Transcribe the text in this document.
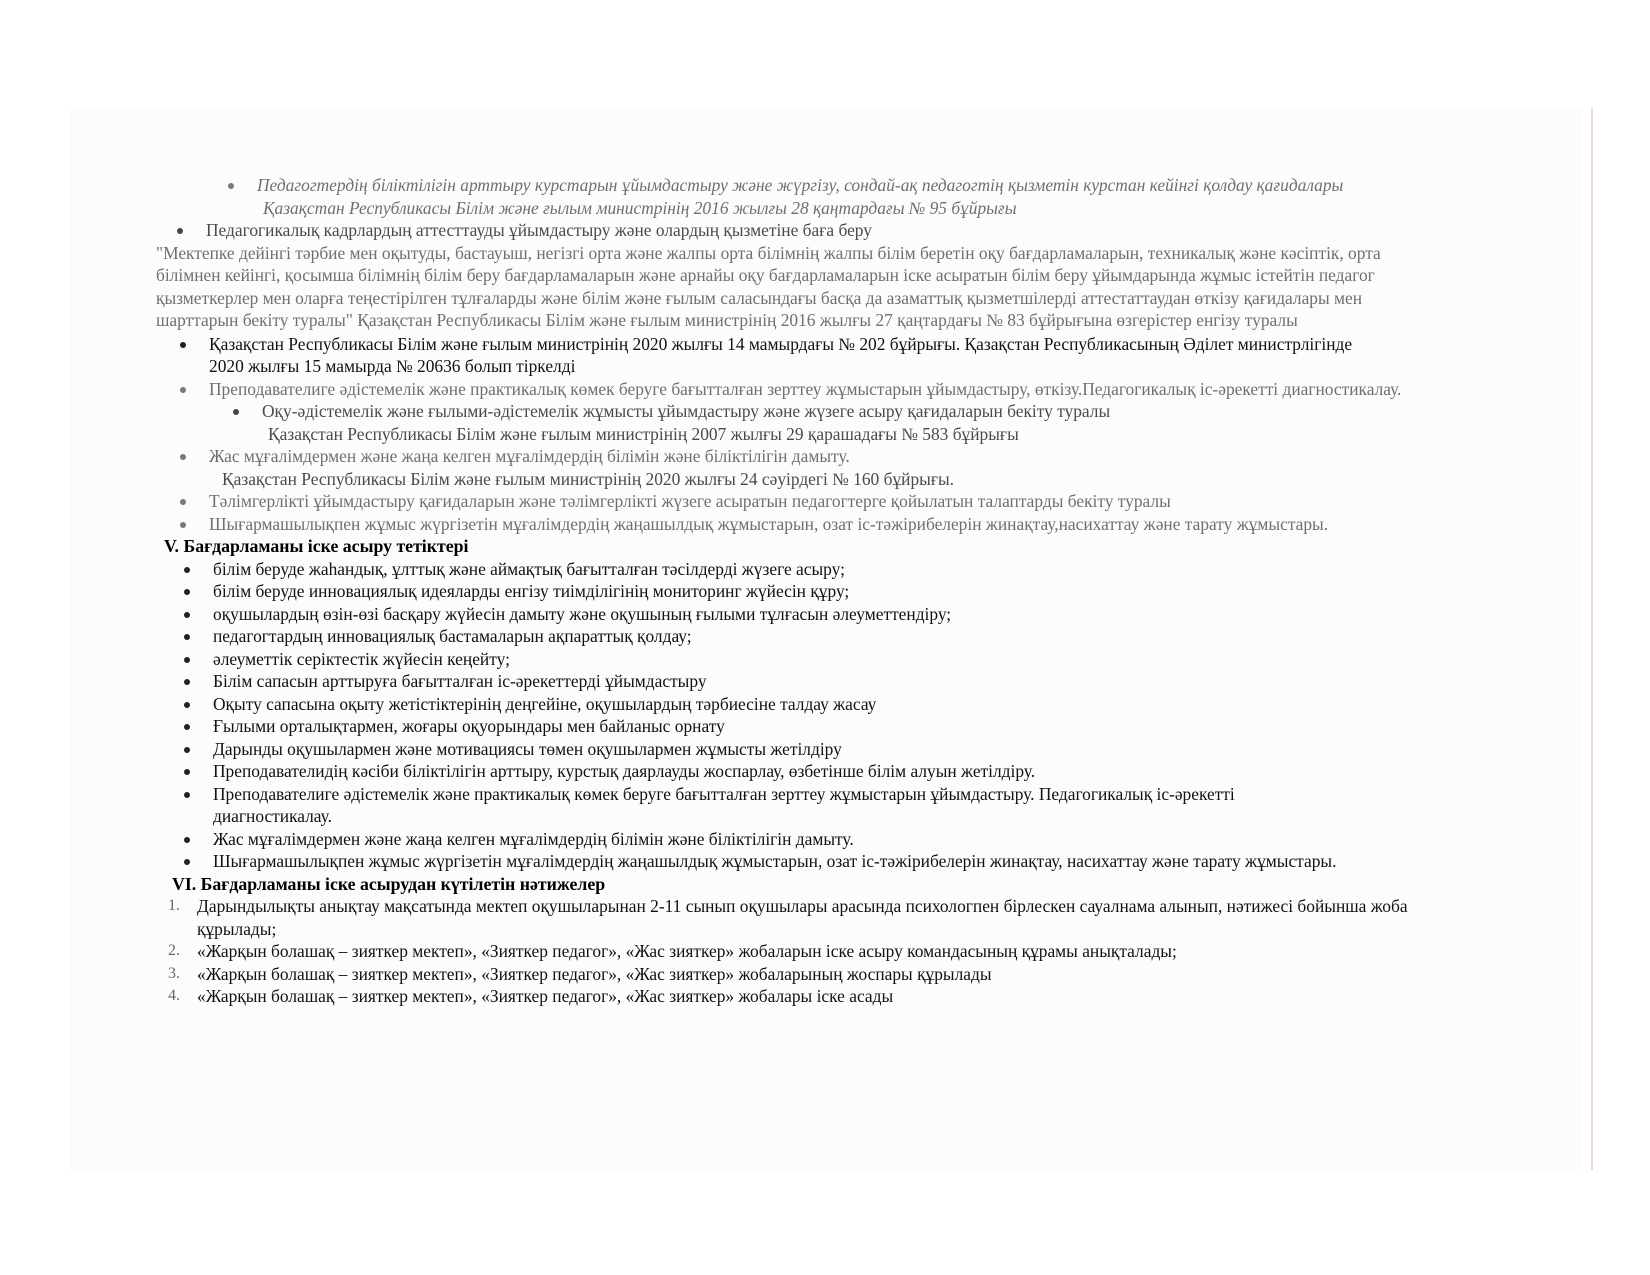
Педагогтердің біліктілігін арттыру курстарын ұйымдастыру және жүргізу, сондай-ақ педагогтің қызметін курстан кейінгі қолдау қағидалары
Қазақстан Республикасы Білім және ғылым министрінің 2016 жылғы 28 қаңтардағы № 95 бұйрығы
Педагогикалық кадрлардың аттесттауды ұйымдастыру және олардың қызметіне баға беру
"Мектепке дейінгі тәрбие мен оқытуды, бастауыш, негізгі орта және жалпы орта білімнің жалпы білім беретін оқу бағдарламаларын, техникалық және кәсіптік, орта білімнен кейінгі, қосымша білімнің білім беру бағдарламаларын және арнайы оқу бағдарламаларын іске асыратын білім беру ұйымдарында жұмыс істейтін педагог қызметкерлер мен оларға теңестірілген тұлғаларды және білім және ғылым саласындағы басқа да азаматтық қызметшілерді аттестаттаудан өткізу қағидалары мен шарттарын бекіту туралы" Қазақстан Республикасы Білім және ғылым министрінің 2016 жылғы 27 қаңтардағы № 83 бұйрығына өзгерістер енгізу туралы
Қазақстан Республикасы Білім және ғылым министрінің 2020 жылғы 14 мамырдағы № 202 бұйрығы. Қазақстан Республикасының Әділет министрлігінде 2020 жылғы 15 мамырда № 20636 болып тіркелді
Преподавателиге әдістемелік және практикалық көмек беруге бағытталған зерттеу жұмыстарын ұйымдастыру, өткізу.Педагогикалық іс-әрекетті диагностикалау.
Оқу-әдістемелік және ғылыми-әдістемелік жұмысты ұйымдастыру және жүзеге асыру қағидаларын бекіту туралы
Қазақстан Республикасы Білім және ғылым министрінің 2007 жылғы 29 қарашадағы № 583 бұйрығы
Жас мұғалімдермен және жаңа келген мұғалімдердің білімін және біліктілігін дамыту.
Қазақстан Республикасы Білім және ғылым министрінің 2020 жылғы 24 сәуірдегі № 160 бұйрығы.
Тәлімгерлікті ұйымдастыру қағидаларын және тәлімгерлікті жүзеге асыратын педагогтерге қойылатын талаптарды бекіту туралы
Шығармашылықпен жұмыс жүргізетін мұғалімдердің жаңашылдық жұмыстарын, озат іс-тәжірибелерін жинақтау,насихаттау және тарату жұмыстары.
V. Бағдарламаны іске асыру тетіктері
білім беруде жаһандық, ұлттық және аймақтық бағытталған тәсілдерді жүзеге асыру;
білім беруде инновациялық идеяларды енгізу тиімділігінің мониторинг жүйесін құру;
оқушылардың өзін-өзі басқару жүйесін дамыту және оқушының ғылыми тұлғасын әлеуметтендіру;
педагогтардың инновациялық бастамаларын ақпараттық қолдау;
әлеуметтік серіктестік жүйесін кеңейту;
Білім сапасын арттыруға бағытталған іс-әрекеттерді ұйымдастыру
Оқыту сапасына оқыту жетістіктерінің деңгейіне, оқушылардың тәрбиесіне талдау жасау
Ғылыми орталықтармен, жоғары оқуорындары мен байланыс орнату
Дарынды оқушылармен және мотивациясы төмен оқушылармен жұмысты жетілдіру
Преподавателидің кәсіби біліктілігін арттыру, курстық даярлауды жоспарлау, өзбетінше білім алуын жетілдіру.
Преподавателиге әдістемелік және практикалық көмек беруге бағытталған зерттеу жұмыстарын ұйымдастыру. Педагогикалық іс-әрекетті диагностикалау.
Жас мұғалімдермен және жаңа келген мұғалімдердің білімін және біліктілігін дамыту.
Шығармашылықпен жұмыс жүргізетін мұғалімдердің жаңашылдық жұмыстарын, озат іс-тәжірибелерін жинақтау, насихаттау және тарату жұмыстары.
VI. Бағдарламаны іске асырудан күтілетін нәтижелер
1. Дарындылықты анықтау мақсатында мектеп оқушыларынан 2-11 сынып оқушылары арасында психологпен бірлескен сауалнама алынып, нәтижесі бойынша жоба құрылады;
2. «Жарқын болашақ – зияткер мектеп», «Зияткер педагог», «Жас зияткер» жобаларын іске асыру командасының құрамы анықталады;
3. «Жарқын болашақ – зияткер мектеп», «Зияткер педагог», «Жас зияткер» жобаларының жоспары құрылады
4. «Жарқын болашақ – зияткер мектеп», «Зияткер педагог», «Жас зияткер» жобалары іске асады
